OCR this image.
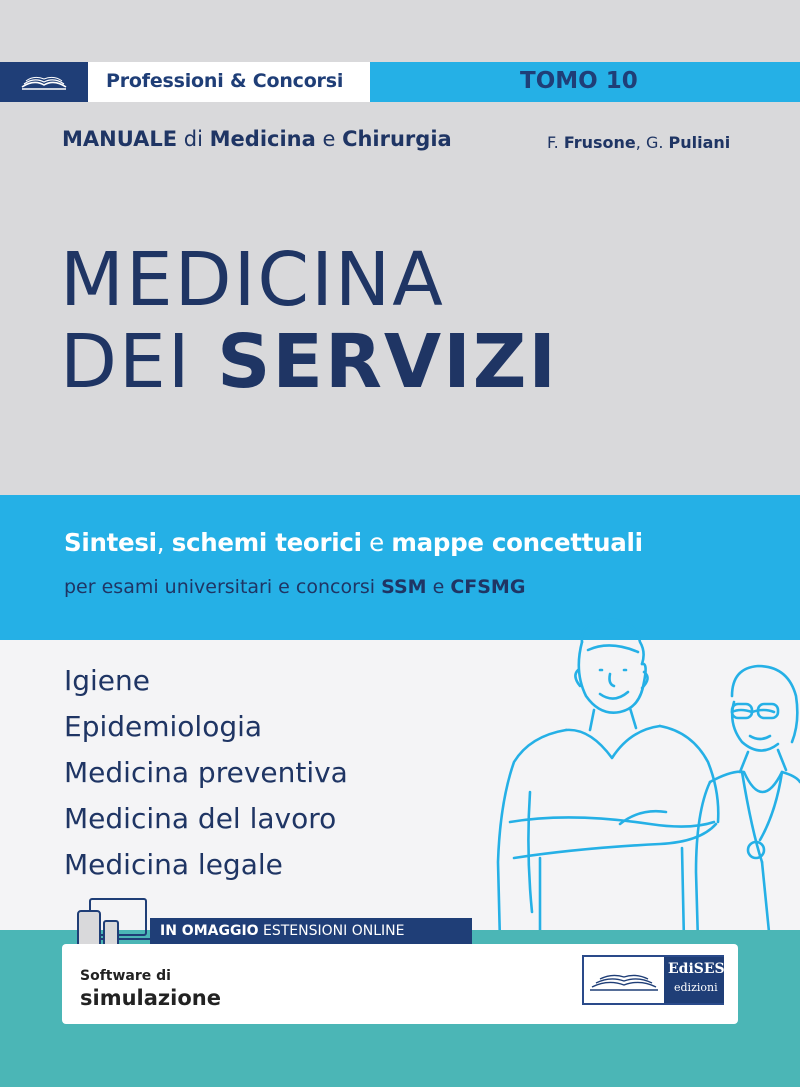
Professioni & Concorsi	TOMO 10
MANUALE di Medicina e Chirurgia	F. Frusone, G. Puliani
MEDICINA
DEI SERVIZI
Sintesi, schemi teorici e mappe concettuali
per esami universitari e concorsi SSM e CFSMG
Igiene
Epidemiologia
Medicina preventiva
Medicina del lavoro
Medicina legale
IN OMAGGIO ESTENSIONI ONLINE
Software di
simulazione
EdiSES
edizioni
